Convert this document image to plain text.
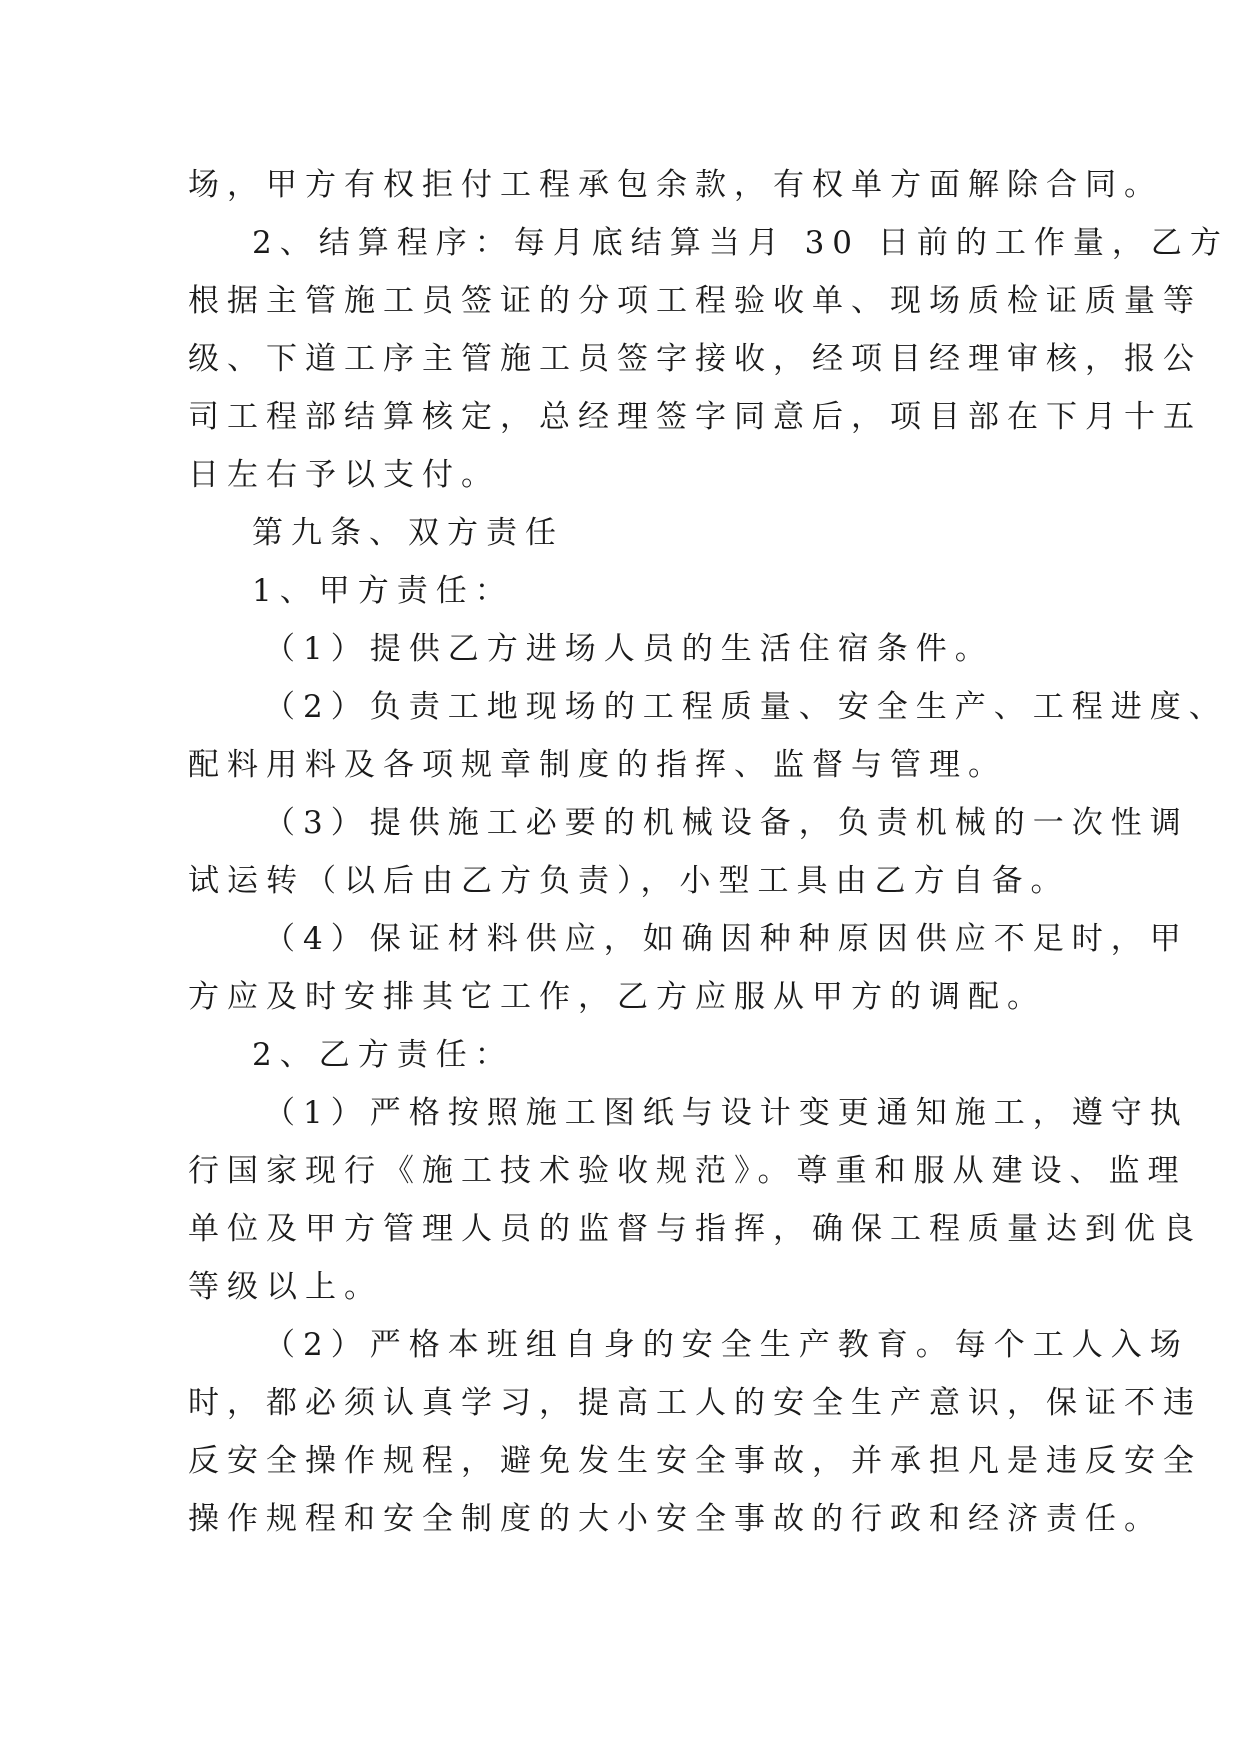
场，甲方有权拒付工程承包余款，有权单方面解除合同。
2、结算程序：每月底结算当月 30 日前的工作量，乙方
根据主管施工员签证的分项工程验收单、现场质检证质量等
级、下道工序主管施工员签字接收，经项目经理审核，报公
司工程部结算核定，总经理签字同意后，项目部在下月十五
日左右予以支付。
第九条、双方责任
1、甲方责任：
（1）提供乙方进场人员的生活住宿条件。
（2）负责工地现场的工程质量、安全生产、工程进度、
配料用料及各项规章制度的指挥、监督与管理。
（3）提供施工必要的机械设备，负责机械的一次性调
试运转（以后由乙方负责），小型工具由乙方自备。
（4）保证材料供应，如确因种种原因供应不足时，甲
方应及时安排其它工作，乙方应服从甲方的调配。
2、乙方责任：
（1）严格按照施工图纸与设计变更通知施工，遵守执
行国家现行《施工技术验收规范》。尊重和服从建设、监理
单位及甲方管理人员的监督与指挥，确保工程质量达到优良
等级以上。
（2）严格本班组自身的安全生产教育。每个工人入场
时，都必须认真学习，提高工人的安全生产意识，保证不违
反安全操作规程，避免发生安全事故，并承担凡是违反安全
操作规程和安全制度的大小安全事故的行政和经济责任。
